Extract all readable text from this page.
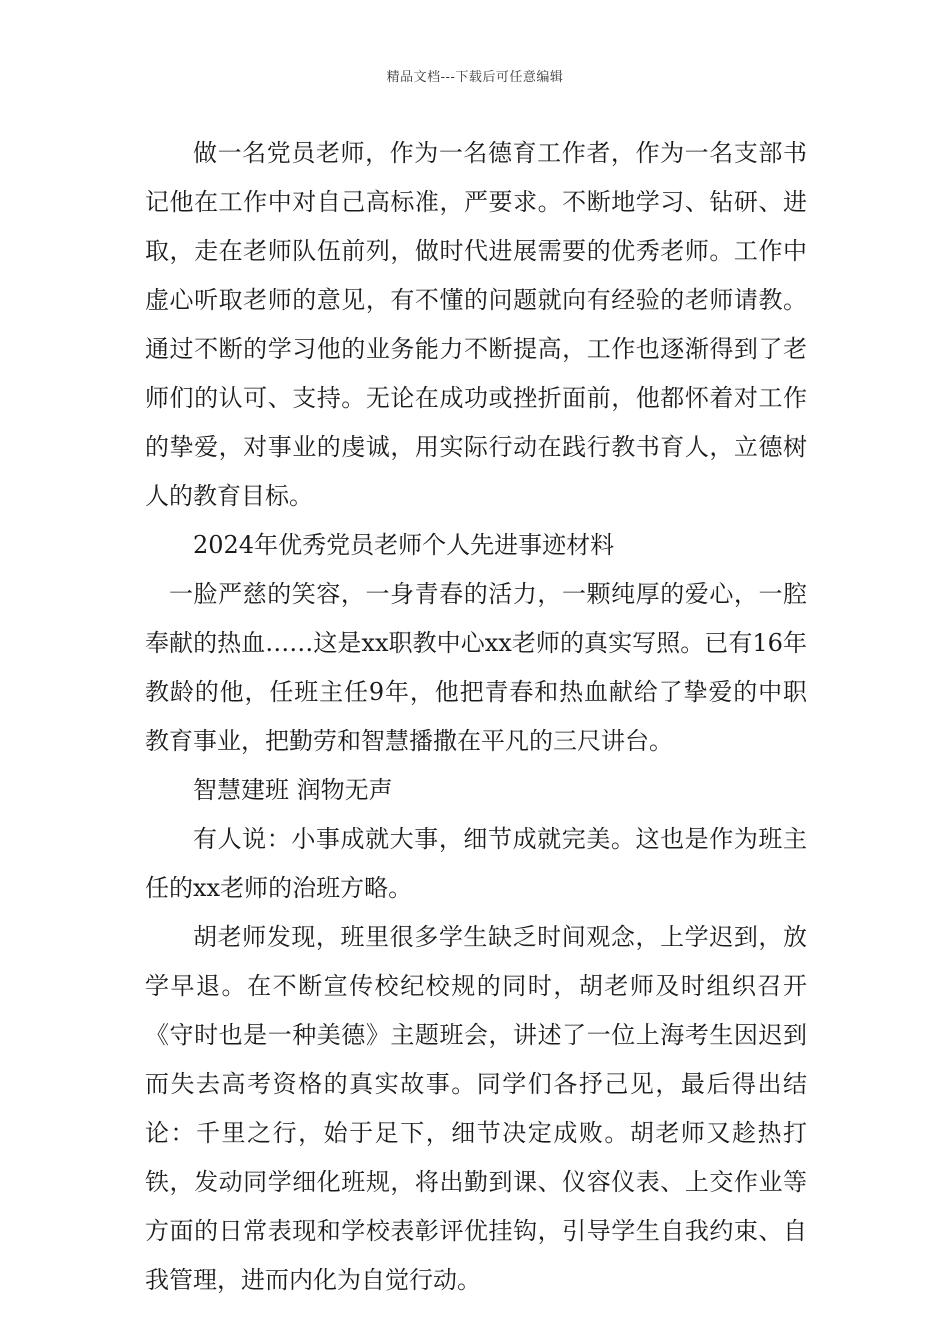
精品文档---下载后可任意编辑

做一名党员老师，作为一名德育工作者，作为一名支部书记他在工作中对自己高标准，严要求。不断地学习、钻研、进取，走在老师队伍前列，做时代进展需要的优秀老师。工作中虚心听取老师的意见，有不懂的问题就向有经验的老师请教。通过不断的学习他的业务能力不断提高，工作也逐渐得到了老师们的认可、支持。无论在成功或挫折面前，他都怀着对工作的挚爱，对事业的虔诚，用实际行动在践行教书育人，立德树人的教育目标。

2024年优秀党员老师个人先进事迹材料

一脸严慈的笑容，一身青春的活力，一颗纯厚的爱心，一腔奉献的热血……这是xx职教中心xx老师的真实写照。已有16年教龄的他，任班主任9年，他把青春和热血献给了挚爱的中职教育事业，把勤劳和智慧播撒在平凡的三尺讲台。

智慧建班 润物无声

有人说：小事成就大事，细节成就完美。这也是作为班主任的xx老师的治班方略。

胡老师发现，班里很多学生缺乏时间观念，上学迟到，放学早退。在不断宣传校纪校规的同时，胡老师及时组织召开《守时也是一种美德》主题班会，讲述了一位上海考生因迟到而失去高考资格的真实故事。同学们各抒己见，最后得出结论：千里之行，始于足下，细节决定成败。胡老师又趁热打铁，发动同学细化班规，将出勤到课、仪容仪表、上交作业等方面的日常表现和学校表彰评优挂钩，引导学生自我约束、自我管理，进而内化为自觉行动。
